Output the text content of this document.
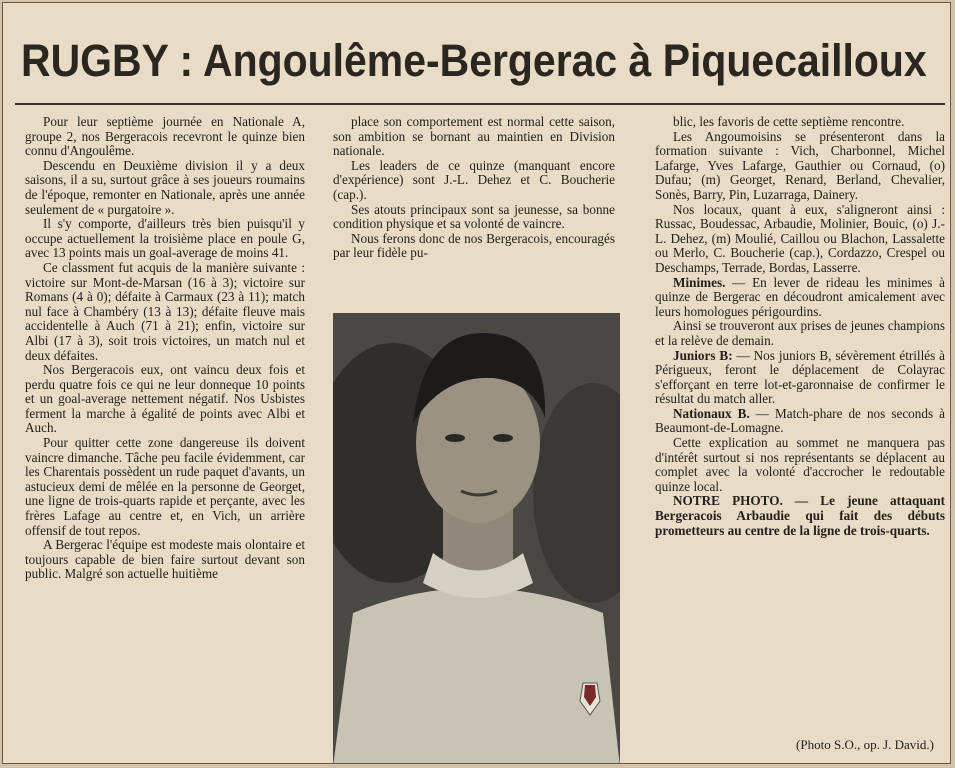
RUGBY : Angoulême-Bergerac à Piquecailloux

Pour leur septième journée en Nationale A, groupe 2, nos Bergeracois recevront le quinze bien connu d'Angoulême.

Descendu en Deuxième division il y a deux saisons, il a su, surtout grâce à ses joueurs roumains de l'époque, remonter en Nationale, après une année seulement de « purgatoire ».

Il s'y comporte, d'ailleurs très bien puisqu'il y occupe actuellement la troisième place en poule G, avec 13 points mais un goal-average de moins 41.

Ce classment fut acquis de la manière suivante : victoire sur Mont-de-Marsan (16 à 3); victoire sur Romans (4 à 0); défaite à Carmaux (23 à 11); match nul face à Chambéry (13 à 13); défaite fleuve mais accidentelle à Auch (71 à 21); enfin, victoire sur Albi (17 à 3), soit trois victoires, un match nul et deux défaites.

Nos Bergeracois eux, ont vaincu deux fois et perdu quatre fois ce qui ne leur donneque 10 points et un goal-average nettement négatif. Nos Usbistes ferment la marche à égalité de points avec Albi et Auch.

Pour quitter cette zone dangereuse ils doivent vaincre dimanche. Tâche peu facile évidemment, car les Charentais possèdent un rude paquet d'avants, un astucieux demi de mêlée en la personne de Georget, une ligne de trois-quarts rapide et perçante, avec les frères Lafage au centre et, en Vich, un arrière offensif de tout repos.

A Bergerac l'équipe est modeste mais olontaire et toujours capable de bien faire surtout devant son public. Malgré son actuelle huitième

place son comportement est normal cette saison, son ambition se bornant au maintien en Division nationale.

Les leaders de ce quinze (manquant encore d'expérience) sont J.-L. Dehez et C. Boucherie (cap.).

Ses atouts principaux sont sa jeunesse, sa bonne condition physique et sa volonté de vaincre.

Nous ferons donc de nos Bergeracois, encouragés par leur fidèle pu-

blic, les favoris de cette septième rencontre.

Les Angoumoisins se présenteront dans la formation suivante : Vich, Charbonnel, Michel Lafarge, Yves Lafarge, Gauthier ou Cornaud, (o) Dufau; (m) Georget, Renard, Berland, Chevalier, Sonès, Barry, Pin, Luzarraga, Dainery.

Nos locaux, quant à eux, s'aligneront ainsi : Russac, Boudessac, Arbaudie, Molinier, Bouic, (o) J.-L. Dehez, (m) Moulié, Caillou ou Blachon, Lassalette ou Merlo, C. Boucherie (cap.), Cordazzo, Crespel ou Deschamps, Terrade, Bordas, Lasserre.

Minimes. — En lever de rideau les minimes à quinze de Bergerac en découdront amicalement avec leurs homologues périgourdins.

Ainsi se trouveront aux prises de jeunes champions et la relève de demain.

Juniors B: — Nos juniors B, sévèrement étrillés à Périgueux, feront le déplacement de Colayrac s'efforçant en terre lot-et-garonnaise de confirmer le résultat du match aller.

Nationaux B. — Match-phare de nos seconds à Beaumont-de-Lomagne.

Cette explication au sommet ne manquera pas d'intérêt surtout si nos représentants se déplacent au complet avec la volonté d'accrocher le redoutable quinze local.

NOTRE PHOTO. — Le jeune attaquant Bergeracois Arbaudie qui fait des débuts prometteurs au centre de la ligne de trois-quarts.

(Photo S.O., op. J. David.)
